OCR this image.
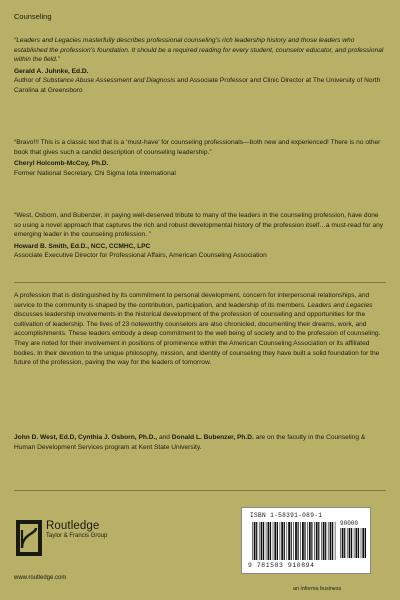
Counseling
“Leaders and Legacies masterfully describes professional counseling’s rich leadership history and those leaders who established the profession’s foundation. It should be a required reading for every student, counselor educator, and professional within the field.”
Gerald A. Juhnke, Ed.D.
Author of Substance Abuse Assessment and Diagnosis and Associate Professor and Clinic Director at The University of North Carolina at Greensboro
“Bravo!!! This is a classic text that is a ‘must-have’ for counseling professionals—both new and experienced! There is no other book that gives such a candid description of counseling leadership.”
Cheryl Holcomb-McCoy, Ph.D.
Former National Secretary, Chi Sigma Iota International
“West, Osborn, and Bubenzer, in paying well-deserved tribute to many of the leaders in the counseling profession, have done so using a novel approach that captures the rich and robust developmental history of the profession itself…a must-read for any emerging leader in the counseling profession. ”
Howard B. Smith, Ed.D., NCC, CCMHC, LPC
Associate Executive Director for Professional Affairs, American Counseling Association
A profession that is distinguished by its commitment to personal development, concern for interpersonal relationships, and service to the community is shaped by the contribution, participation, and leadership of its members. Leaders and Legacies discusses leadership involvements in the historical development of the profession of counseling and opportunities for the cultivation of leadership. The lives of 23 noteworthy counselors are also chronicled, documenting their dreams, work, and accomplishments. These leaders embody a deep commitment to the well being of society and to the profession of counseling. They are noted for their involvement in positions of prominence within the American Counseling Association or its affiliated bodies. In their devotion to the unique philosophy, mission, and identity of counseling they have built a solid foundation for the future of the profession, paving the way for the leaders of tomorrow.
John D. West, Ed.D, Cynthia J. Osborn, Ph.D., and Donald L. Bubenzer, Ph.D. are on the faculty in the Counseling & Human Development Services program at Kent State University.
Routledge
Taylor & Francis Group
www.routledge.com
ISBN 1-58391-089-1
90000
9 781583 910894
an informa business
